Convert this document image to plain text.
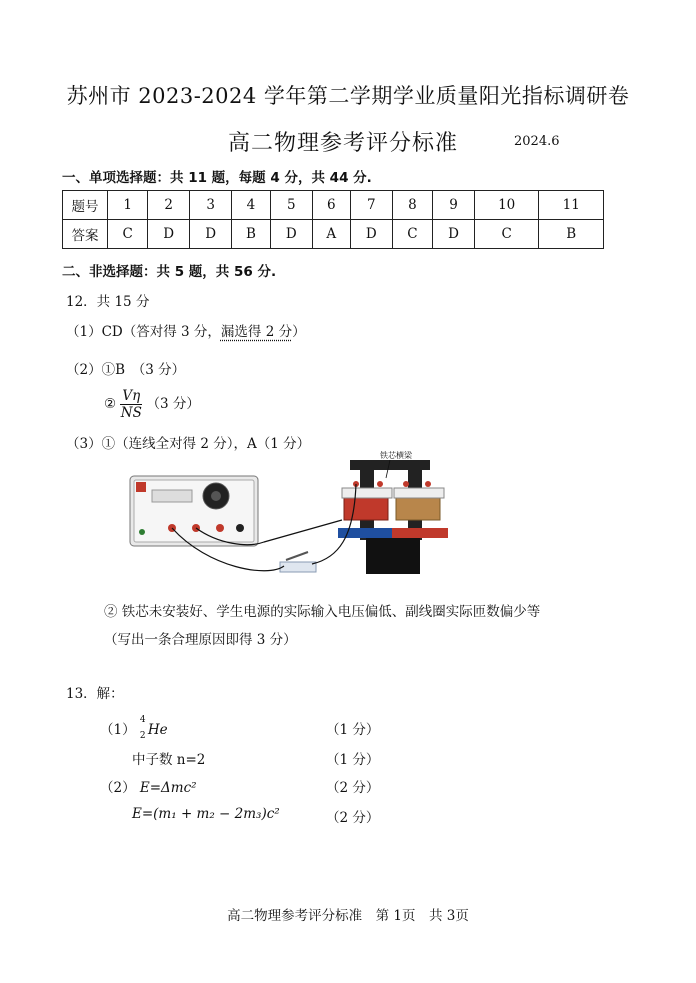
苏州市 2023-2024 学年第二学期学业质量阳光指标调研卷
高二物理参考评分标准	2024.6
一、单项选择题：共 11 题，每题 4 分，共 44 分.
题号	1	2	3	4	5	6	7	8	9	10	11
答案	C	D	D	B	D	A	D	C	D	C	B
二、非选择题：共 5 题，共 56 分.
12．共 15 分
（1）CD（答对得 3 分，漏选得 2 分）
（2）①B　（3 分）
② $\frac{V\eta}{NS} (3$ 分）
（3）①（连线全对得 2 分），A（1 分）
铁芯横梁
② 铁芯未安装好、学生电源的实际输入电压偏低、副线圈实际匝数偏少等
（写出一条合理原因即得 3 分）
13．解：
（1）
4
2 He	（1 分）
中子数 n=2	（1 分）
（2） E=Δmc²	（2 分）
E=(m₁ + m₂ − 2m₃)c²	（2 分）
高二物理参考评分标准　第 1页　共 3页
